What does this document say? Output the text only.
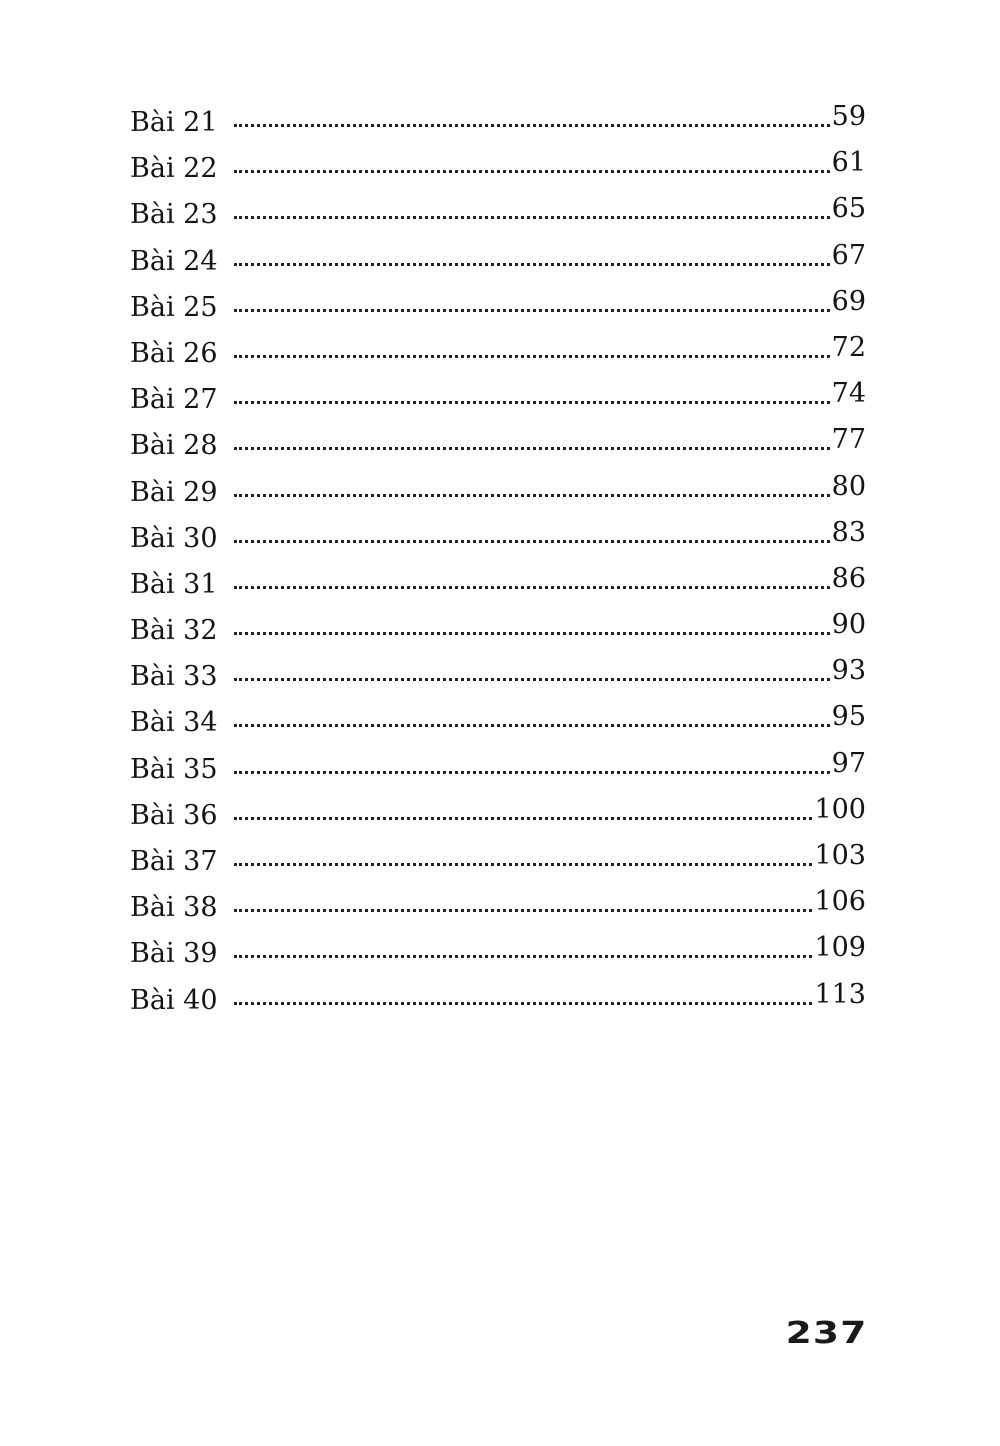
Bài 21	59
Bài 22	61
Bài 23	65
Bài 24	67
Bài 25	69
Bài 26	72
Bài 27	74
Bài 28	77
Bài 29	80
Bài 30	83
Bài 31	86
Bài 32	90
Bài 33	93
Bài 34	95
Bài 35	97
Bài 36	100
Bài 37	103
Bài 38	106
Bài 39	109
Bài 40	113
237
